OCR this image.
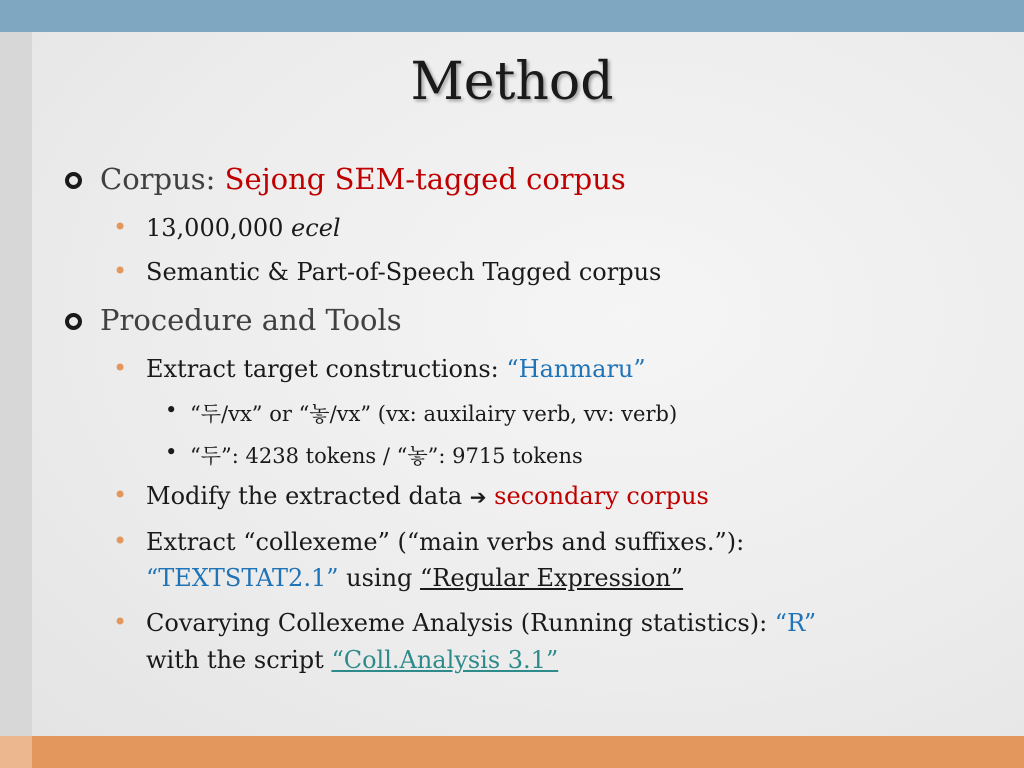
Method
Corpus: Sejong SEM-tagged corpus
• 13,000,000 ecel
• Semantic & Part-of-Speech Tagged corpus
Procedure and Tools
• Extract target constructions: “Hanmaru”
• “두/vx” or “놓/vx” (vx: auxilairy verb, vv: verb)
• “두”: 4238 tokens / “놓”: 9715 tokens
• Modify the extracted data ➔ secondary corpus
• Extract “collexeme” (“main verbs and suffixes.”):
“TEXTSTAT2.1” using “Regular Expression”
• Covarying Collexeme Analysis (Running statistics): “R”
with the script “Coll.Analysis 3.1”
